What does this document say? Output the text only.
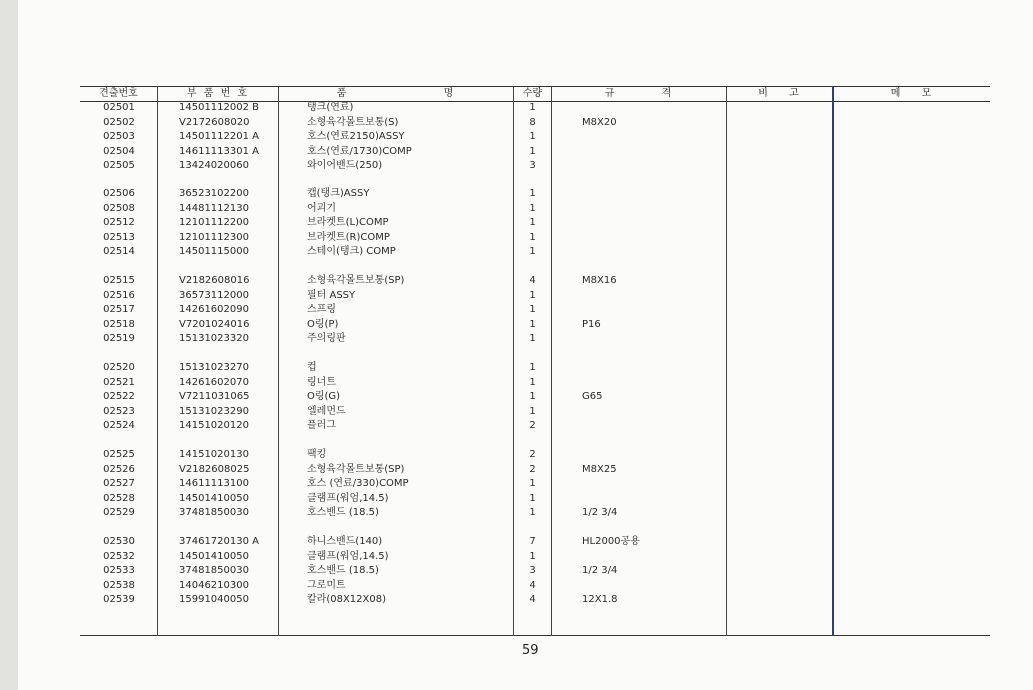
견출번호	부 품 번 호	품 명	수량	규 격	비 고	메 모
02501	14501112002 B	탱크(연료)	1
02502	V2172608020	소형육각몰트보통(S)	8	M8X20
02503	14501112201 A	호스(연료2150)ASSY	1
02504	14611113301 A	호스(연료/1730)COMP	1
02505	13424020060	와이어밴드(250)	3
02506	36523102200	캡(탱크)ASSY	1
02508	14481112130	어괴기	1
02512	12101112200	브라켓트(L)COMP	1
02513	12101112300	브라켓트(R)COMP	1
02514	14501115000	스테이(탱크) COMP	1
02515	V2182608016	소형육각몰트보통(SP)	4	M8X16
02516	36573112000	필터 ASSY	1
02517	14261602090	스프링	1
02518	V7201024016	O링(P)	1	P16
02519	15131023320	주의링판	1
02520	15131023270	컵	1
02521	14261602070	링너트	1
02522	V7211031065	O링(G)	1	G65
02523	15131023290	엘레먼드	1
02524	14151020120	플러그	2
02525	14151020130	팩킹	2
02526	V2182608025	소형육각몰트보통(SP)	2	M8X25
02527	14611113100	호스 (연료/330)COMP	1
02528	14501410050	클램프(워엄,14.5)	1
02529	37481850030	호스밴드 (18.5)	1	1/2 3/4
02530	37461720130 A	하니스밴드(140)	7	HL2000공용
02532	14501410050	클램프(워엄,14.5)	1
02533	37481850030	호스밴드 (18.5)	3	1/2 3/4
02538	14046210300	그로미트	4
02539	15991040050	칼라(08X12X08)	4	12X1.8
59
